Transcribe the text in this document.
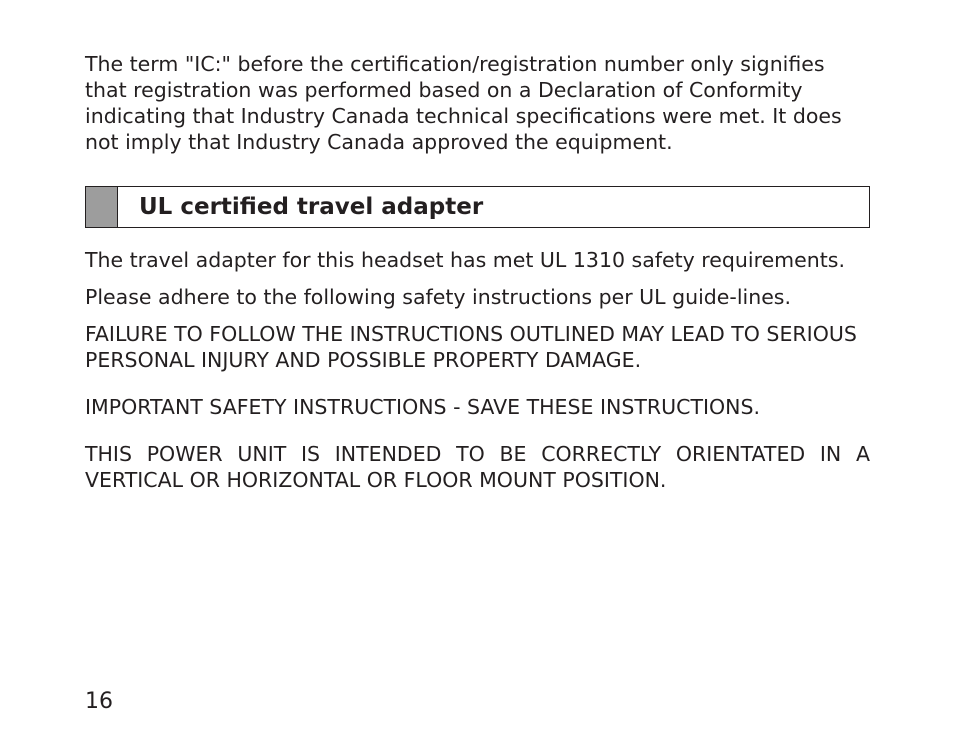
The term "IC:" before the certification/registration number only signifies that registration was performed based on a Declaration of Conformity indicating that Industry Canada technical specifications were met. It does not imply that Industry Canada approved the equipment.

UL certified travel adapter

The travel adapter for this headset has met UL 1310 safety requirements.

Please adhere to the following safety instructions per UL guide-lines.

FAILURE TO FOLLOW THE INSTRUCTIONS OUTLINED MAY LEAD TO SERIOUS PERSONAL INJURY AND POSSIBLE PROPERTY DAMAGE.

IMPORTANT SAFETY INSTRUCTIONS - SAVE THESE INSTRUCTIONS.

THIS POWER UNIT IS INTENDED TO BE CORRECTLY ORIENTATED IN A VERTICAL OR HORIZONTAL OR FLOOR MOUNT POSITION.

16
